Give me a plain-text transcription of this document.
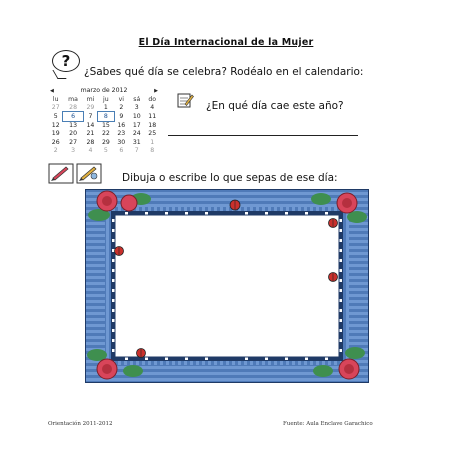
El Día Internacional de la Mujer
?
¿Sabes qué día se celebra? Rodéalo en el calendario:
◀	marzo de 2012	▶
lu	ma	mi	ju	vi	sá	do
27	28	29	1	2	3	4
5	6	7	8	9	10	11
12	13	14	15	16	17	18
19	20	21	22	23	24	25
26	27	28	29	30	31	1
2	3	4	5	6	7	8
¿En qué día cae este año?
Dibuja o escribe lo que sepas de ese día:
Orientación 2011-2012	Fuente: Aula Enclave Garachico
